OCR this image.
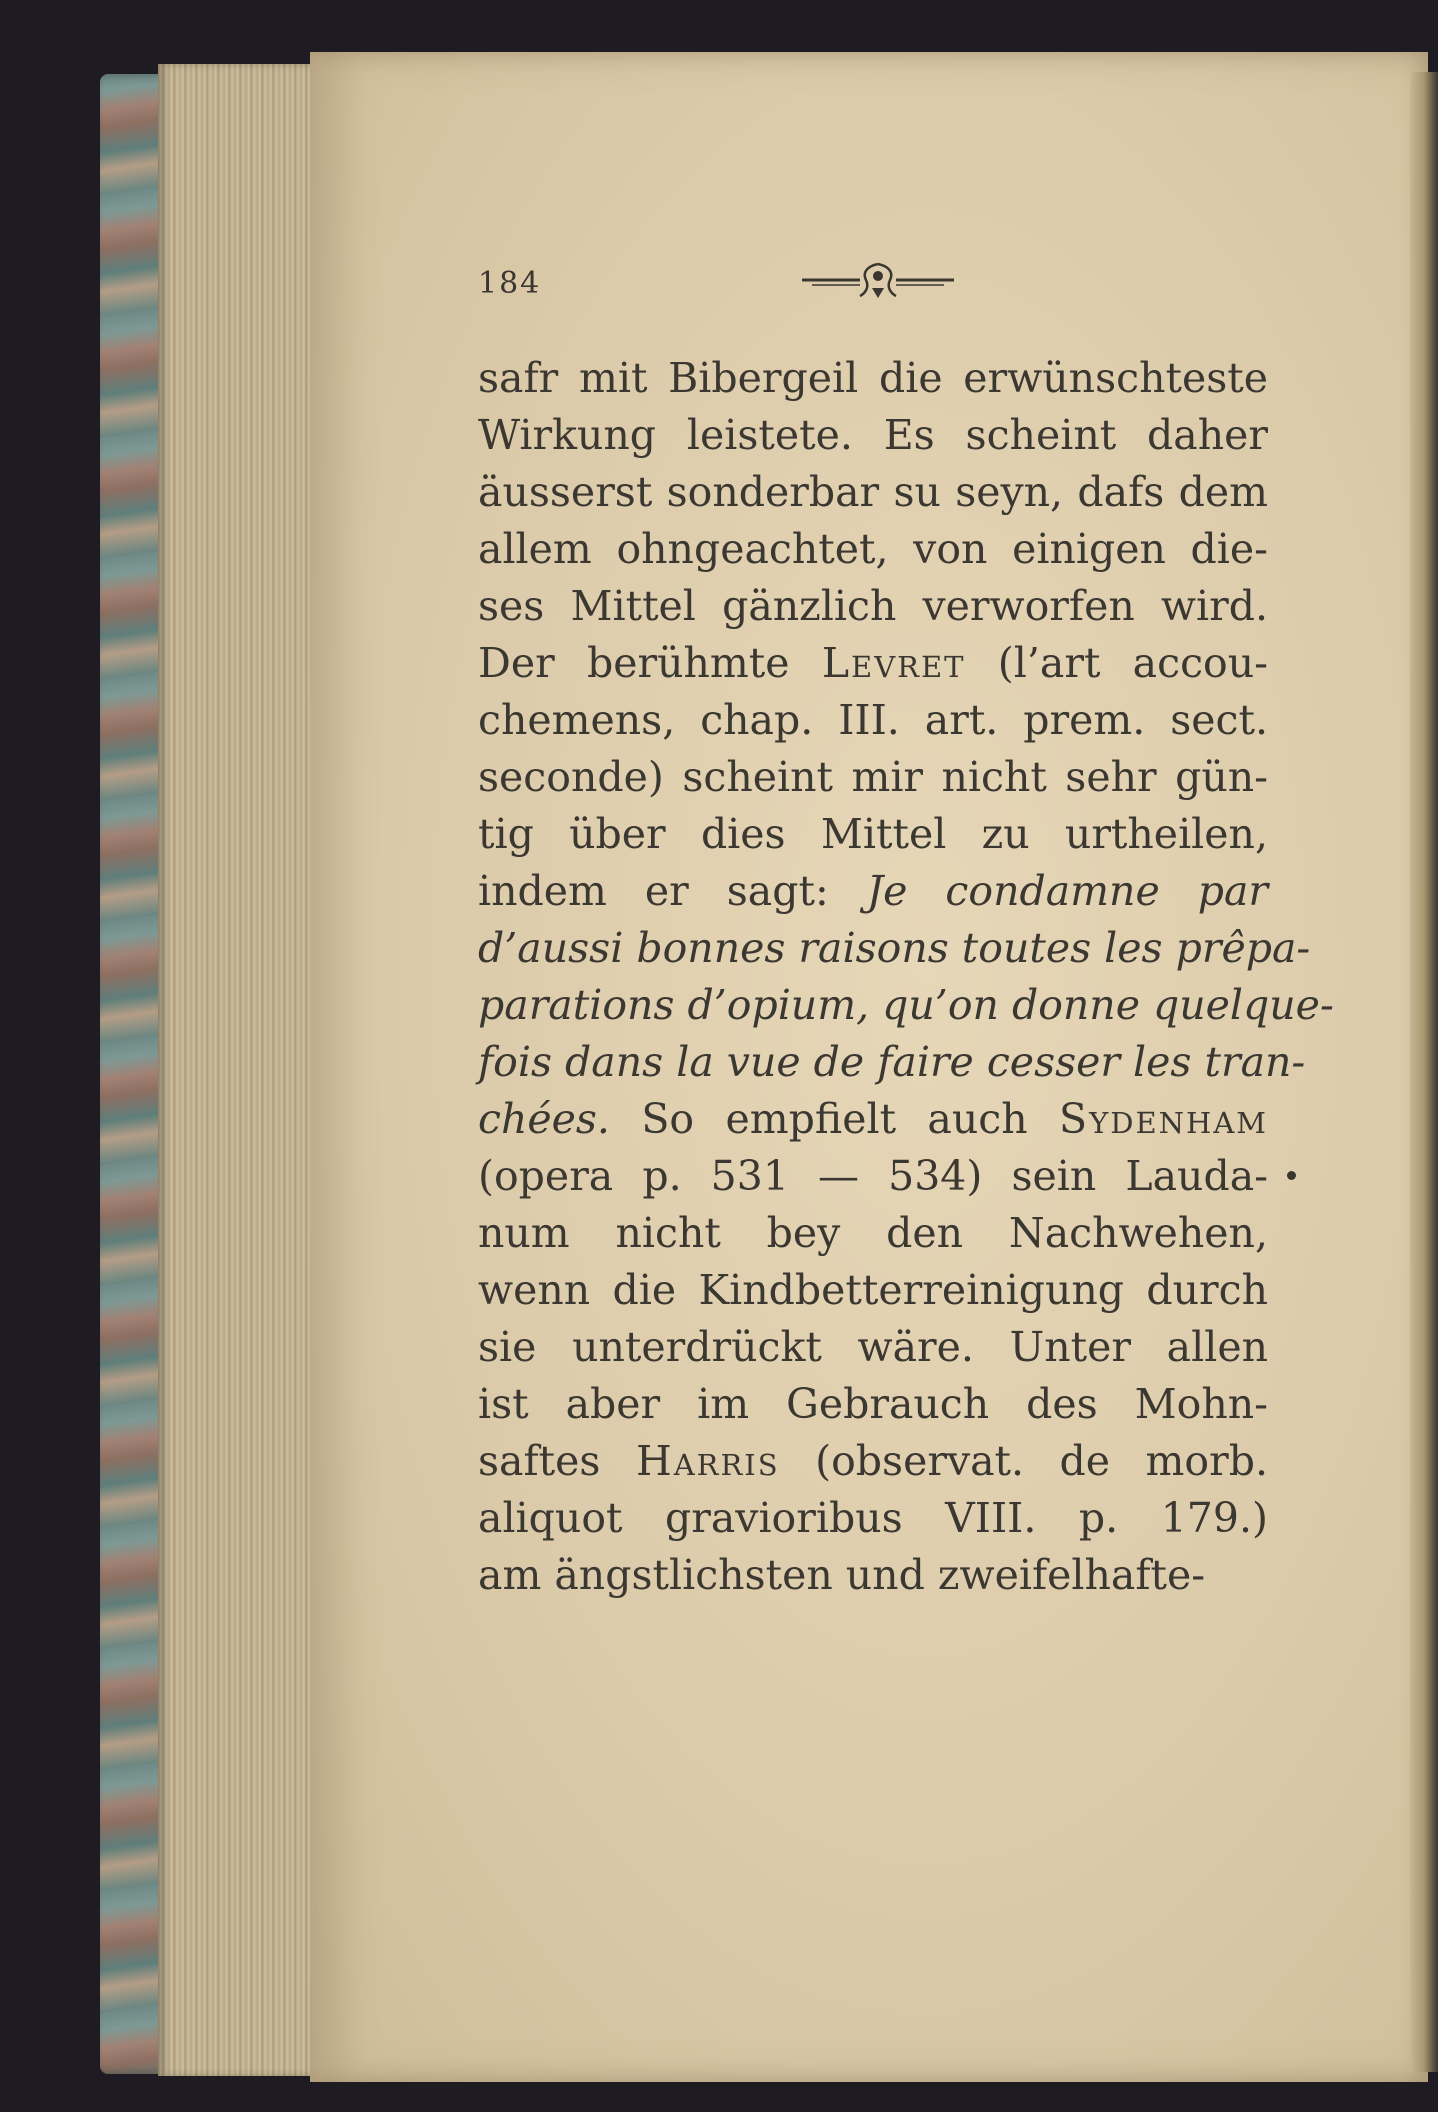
184
safr mit Bibergeil die erwünschteste
Wirkung leistete. Es scheint daher
äusserst sonderbar su seyn, dafs dem
allem ohngeachtet, von einigen die-
ses Mittel gänzlich verworfen wird.
Der berühmte Levret (l’art accou-
chemens, chap. III. art. prem. sect.
seconde) scheint mir nicht sehr gün-
tig über dies Mittel zu urtheilen,
indem er sagt: Je condamne par
d’aussi bonnes raisons toutes les prêpa-
parations d’opium, qu’on donne quelque-
fois dans la vue de faire cesser les tran-
chées. So empfielt auch Sydenham
(opera p. 531 — 534) sein Lauda-
num nicht bey den Nachwehen,
wenn die Kindbetterreinigung durch
sie unterdrückt wäre. Unter allen
ist aber im Gebrauch des Mohn-
saftes Harris (observat. de morb.
aliquot gravioribus VIII. p. 179.)
am ängstlichsten und zweifelhafte-
